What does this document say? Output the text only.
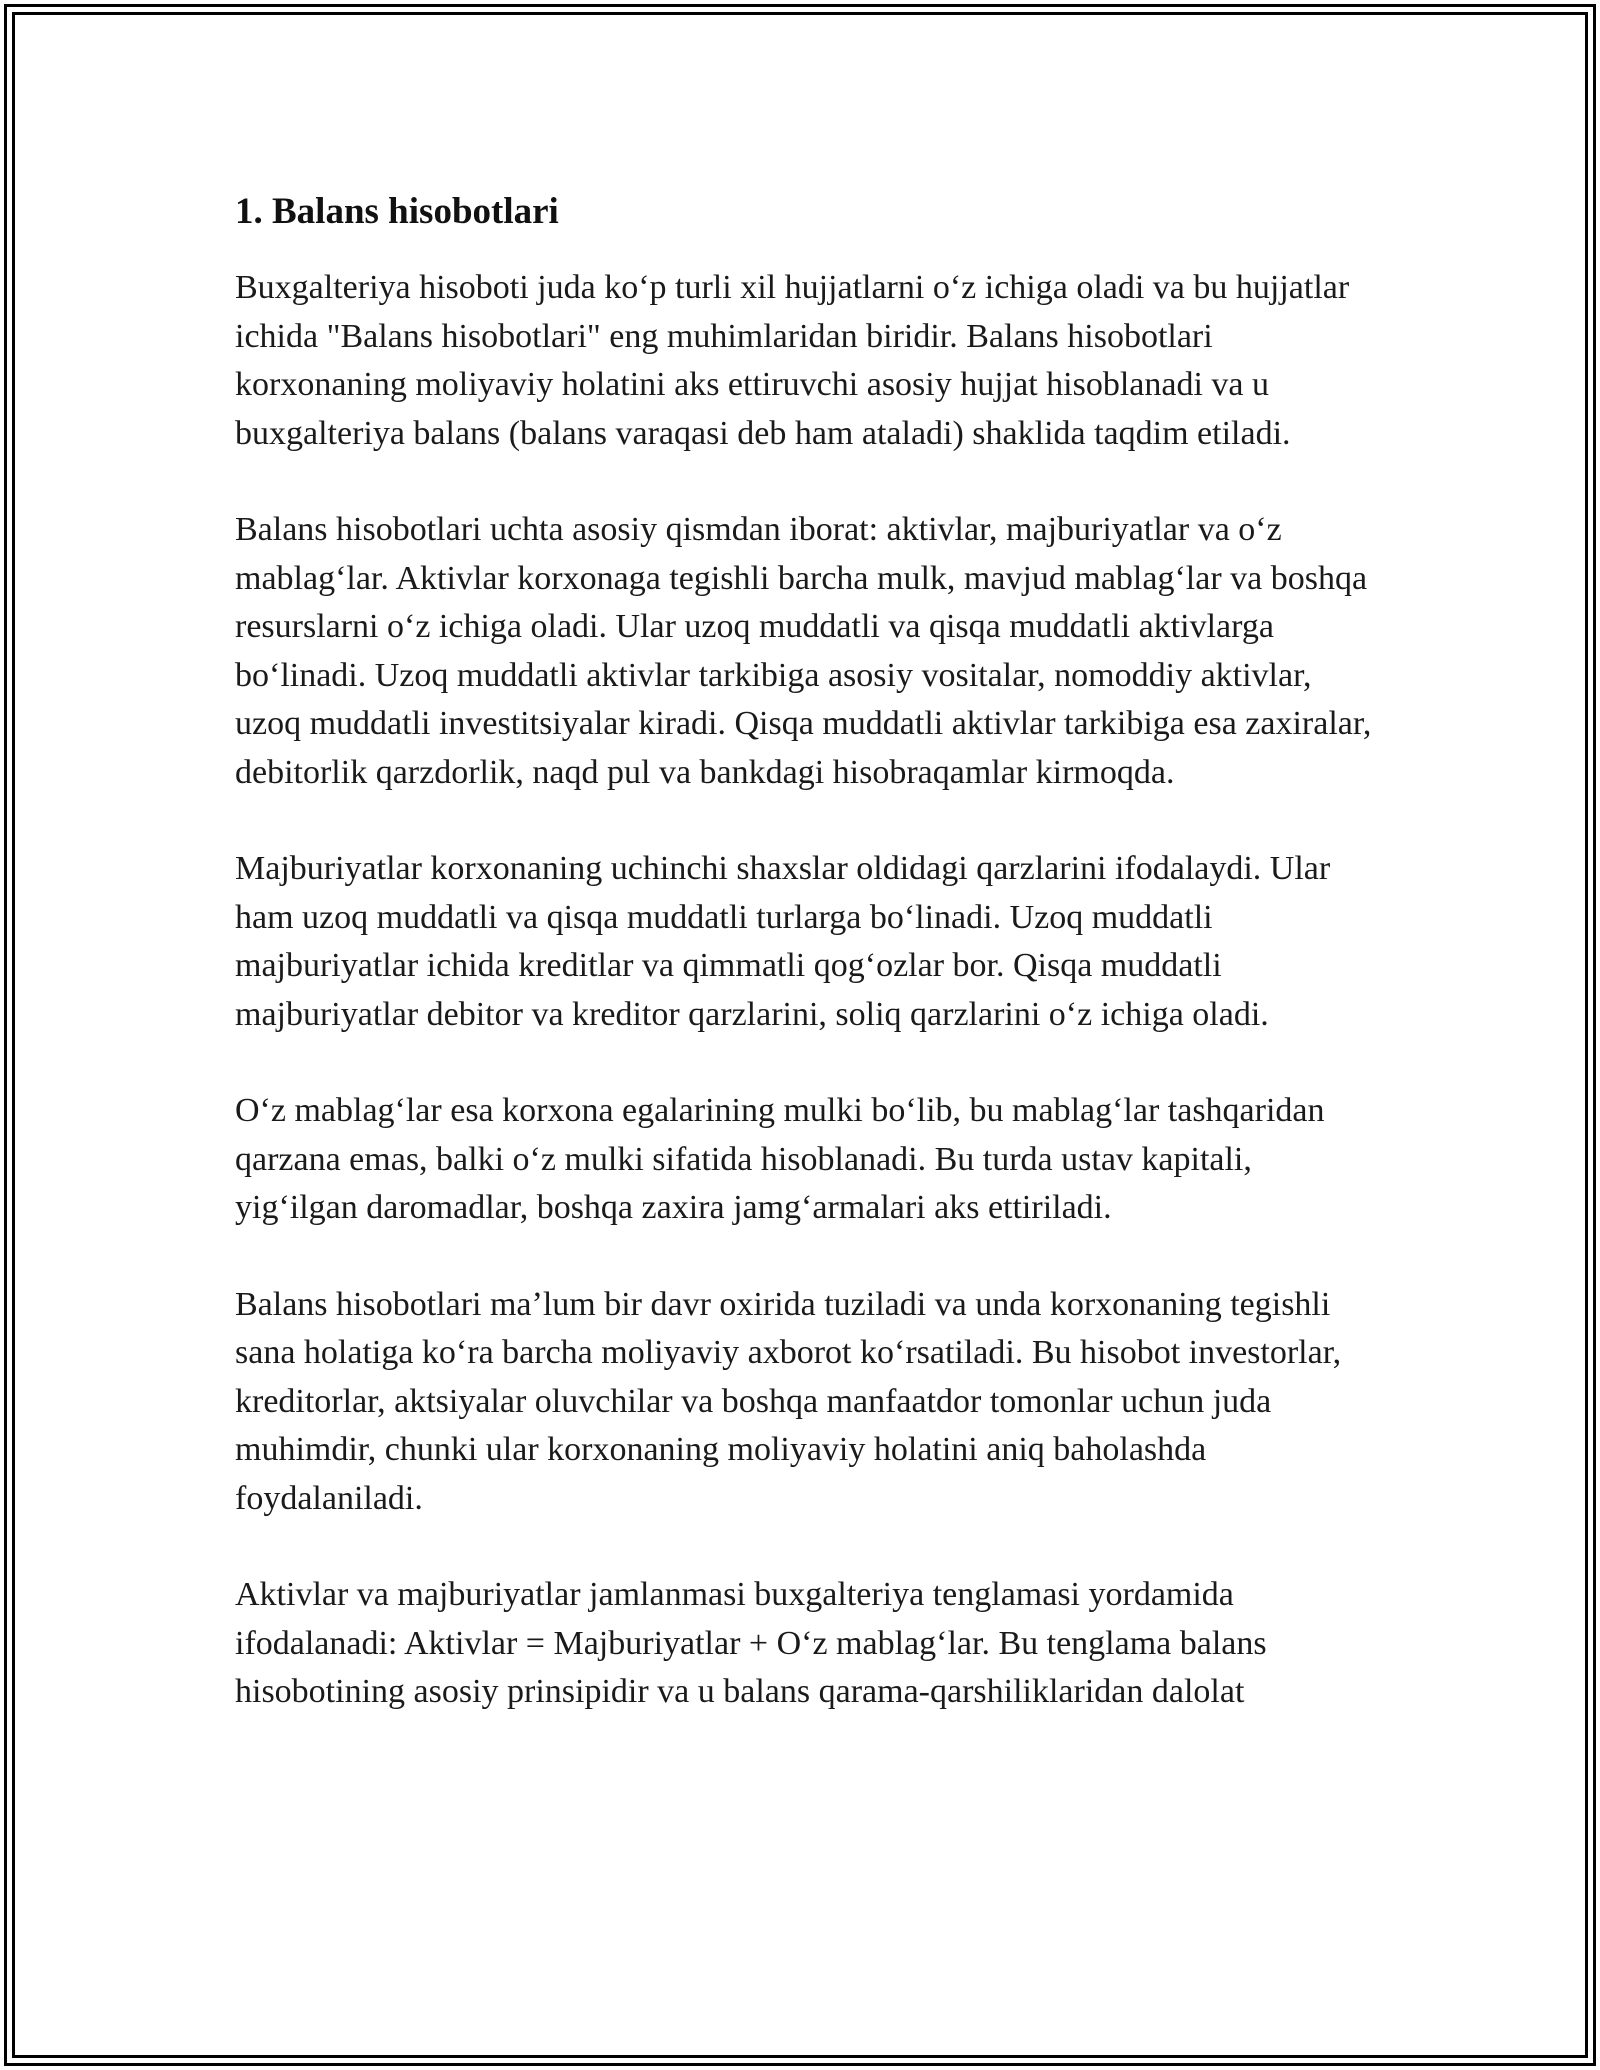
1. Balans hisobotlari

Buxgalteriya hisoboti juda koʻp turli xil hujjatlarni oʻz ichiga oladi va bu hujjatlar ichida "Balans hisobotlari" eng muhimlaridan biridir. Balans hisobotlari korxonaning moliyaviy holatini aks ettiruvchi asosiy hujjat hisoblanadi va u buxgalteriya balans (balans varaqasi deb ham ataladi) shaklida taqdim etiladi.

Balans hisobotlari uchta asosiy qismdan iborat: aktivlar, majburiyatlar va oʻz mablagʻlar. Aktivlar korxonaga tegishli barcha mulk, mavjud mablagʻlar va boshqa resurslarni oʻz ichiga oladi. Ular uzoq muddatli va qisqa muddatli aktivlarga boʻlinadi. Uzoq muddatli aktivlar tarkibiga asosiy vositalar, nomoddiy aktivlar, uzoq muddatli investitsiyalar kiradi. Qisqa muddatli aktivlar tarkibiga esa zaxiralar, debitorlik qarzdorlik, naqd pul va bankdagi hisobraqamlar kirmoqda.

Majburiyatlar korxonaning uchinchi shaxslar oldidagi qarzlarini ifodalaydi. Ular ham uzoq muddatli va qisqa muddatli turlarga boʻlinadi. Uzoq muddatli majburiyatlar ichida kreditlar va qimmatli qogʻozlar bor. Qisqa muddatli majburiyatlar debitor va kreditor qarzlarini, soliq qarzlarini oʻz ichiga oladi.

Oʻz mablagʻlar esa korxona egalarining mulki boʻlib, bu mablagʻlar tashqaridan qarzana emas, balki oʻz mulki sifatida hisoblanadi. Bu turda ustav kapitali, yigʻilgan daromadlar, boshqa zaxira jamgʻarmalari aks ettiriladi.

Balans hisobotlari maʼlum bir davr oxirida tuziladi va unda korxonaning tegishli sana holatiga koʻra barcha moliyaviy axborot koʻrsatiladi. Bu hisobot investorlar, kreditorlar, aktsiyalar oluvchilar va boshqa manfaatdor tomonlar uchun juda muhimdir, chunki ular korxonaning moliyaviy holatini aniq baholashda foydalaniladi.

Aktivlar va majburiyatlar jamlanmasi buxgalteriya tenglamasi yordamida ifodalanadi: Aktivlar = Majburiyatlar + Oʻz mablagʻlar. Bu tenglama balans hisobotining asosiy prinsipidir va u balans qarama-qarshiliklaridan dalolat
